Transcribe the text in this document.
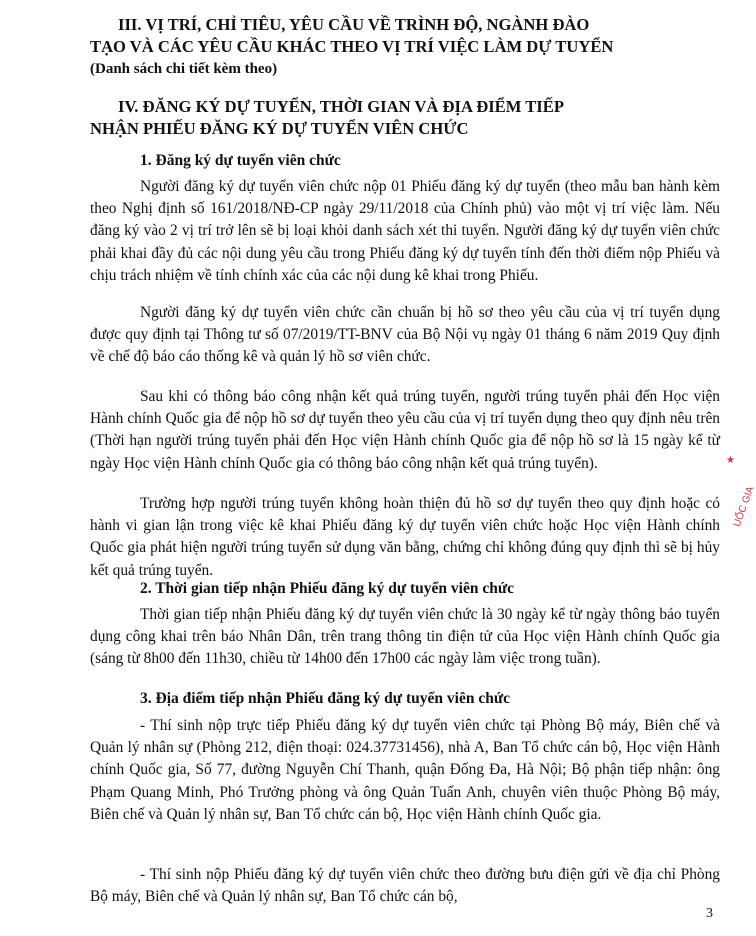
III. VỊ TRÍ, CHỈ TIÊU, YÊU CẦU VỀ TRÌNH ĐỘ, NGÀNH ĐÀO
TẠO VÀ CÁC YÊU CẦU KHÁC THEO VỊ TRÍ VIỆC LÀM DỰ TUYỂN
(Danh sách chi tiết kèm theo)
IV. ĐĂNG KÝ DỰ TUYỂN, THỜI GIAN VÀ ĐỊA ĐIỂM TIẾP
NHẬN PHIẾU ĐĂNG KÝ DỰ TUYỂN VIÊN CHỨC
1. Đăng ký dự tuyển viên chức

Người đăng ký dự tuyển viên chức nộp 01 Phiếu đăng ký dự tuyển (theo mẫu ban hành kèm theo Nghị định số 161/2018/NĐ-CP ngày 29/11/2018 của Chính phủ) vào một vị trí việc làm. Nếu đăng ký vào 2 vị trí trở lên sẽ bị loại khỏi danh sách xét thi tuyển. Người đăng ký dự tuyển viên chức phải khai đầy đủ các nội dung yêu cầu trong Phiếu đăng ký dự tuyển tính đến thời điểm nộp Phiếu và chịu trách nhiệm về tính chính xác của các nội dung kê khai trong Phiếu.

Người đăng ký dự tuyển viên chức cần chuẩn bị hồ sơ theo yêu cầu của vị trí tuyển dụng được quy định tại Thông tư số 07/2019/TT-BNV của Bộ Nội vụ ngày 01 tháng 6 năm 2019 Quy định về chế độ báo cáo thống kê và quản lý hồ sơ viên chức.

Sau khi có thông báo công nhận kết quả trúng tuyển, người trúng tuyển phải đến Học viện Hành chính Quốc gia để nộp hồ sơ dự tuyển theo yêu cầu của vị trí tuyển dụng theo quy định nêu trên (Thời hạn người trúng tuyển phải đến Học viện Hành chính Quốc gia để nộp hồ sơ là 15 ngày kể từ ngày Học viện Hành chính Quốc gia có thông báo công nhận kết quả trúng tuyển).

Trường hợp người trúng tuyển không hoàn thiện đủ hồ sơ dự tuyển theo quy định hoặc có hành vi gian lận trong việc kê khai Phiếu đăng ký dự tuyển viên chức hoặc Học viện Hành chính Quốc gia phát hiện người trúng tuyển sử dụng văn bằng, chứng chỉ không đúng quy định thì sẽ bị hủy kết quả trúng tuyển.

2. Thời gian tiếp nhận Phiếu đăng ký dự tuyển viên chức

Thời gian tiếp nhận Phiếu đăng ký dự tuyển viên chức là 30 ngày kể từ ngày thông báo tuyển dụng công khai trên báo Nhân Dân, trên trang thông tin điện tử của Học viện Hành chính Quốc gia (sáng từ 8h00 đến 11h30, chiều từ 14h00 đến 17h00 các ngày làm việc trong tuần).

3. Địa điểm tiếp nhận Phiếu đăng ký dự tuyển viên chức

- Thí sinh nộp trực tiếp Phiếu đăng ký dự tuyển viên chức tại Phòng Bộ máy, Biên chế và Quản lý nhân sự (Phòng 212, điện thoại: 024.37731456), nhà A, Ban Tổ chức cán bộ, Học viện Hành chính Quốc gia, Số 77, đường Nguyễn Chí Thanh, quận Đống Đa, Hà Nội; Bộ phận tiếp nhận: ông Phạm Quang Minh, Phó Trưởng phòng và ông Quản Tuấn Anh, chuyên viên thuộc Phòng Bộ máy, Biên chế và Quản lý nhân sự, Ban Tổ chức cán bộ, Học viện Hành chính Quốc gia.

- Thí sinh nộp Phiếu đăng ký dự tuyển viên chức theo đường bưu điện gửi về địa chỉ Phòng Bộ máy, Biên chế và Quản lý nhân sự, Ban Tổ chức cán bộ,

3
★
UỐC GIA
